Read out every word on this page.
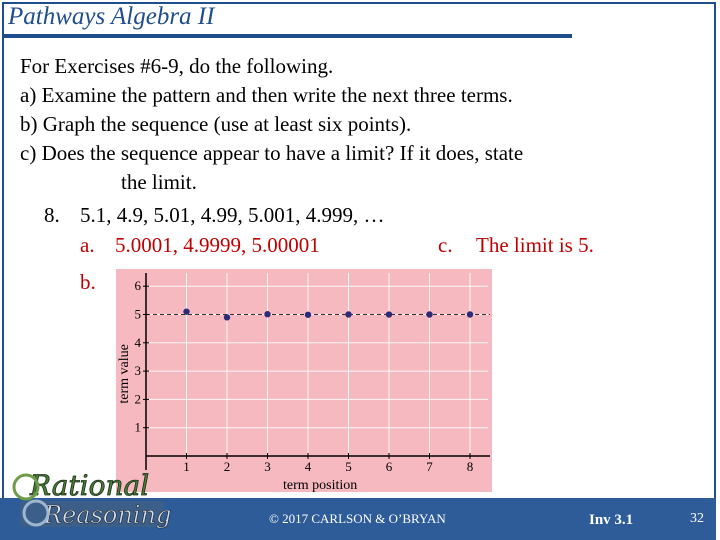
Pathways Algebra II
For Exercises #6-9, do the following.
a) Examine the pattern and then write the next three terms.
b) Graph the sequence (use at least six points).
c) Does the sequence appear to have a limit? If it does, state
the limit.
8. 5.1, 4.9, 5.01, 4.99, 5.001, 4.999, …
a. 5.0001, 4.9999, 5.00001	c. The limit is 5.
b.
1	2	3	4	5	6	7	8
1
2
3
4
5
6
term position
term value
© 2017 CARLSON & O’BRYAN	Inv 3.1	32
Rational
Reasoning
